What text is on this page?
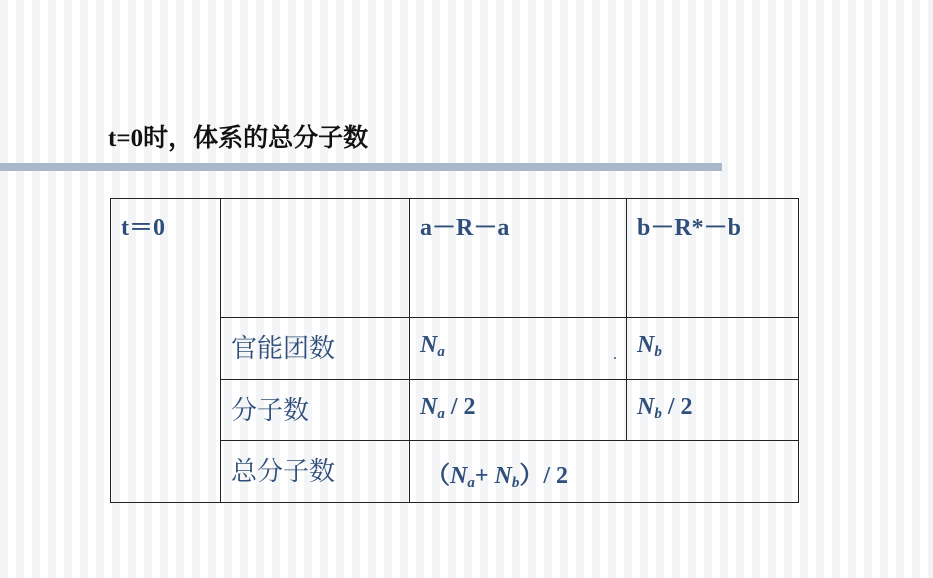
t=0时，体系的总分子数
t＝0		a－R－a	b－R*－b
	官能团数	$N_a$	$N_b$
	分子数	$N_a / 2$	$N_b / 2$
	总分子数	$(N_a+ N_b)/$ 2	
